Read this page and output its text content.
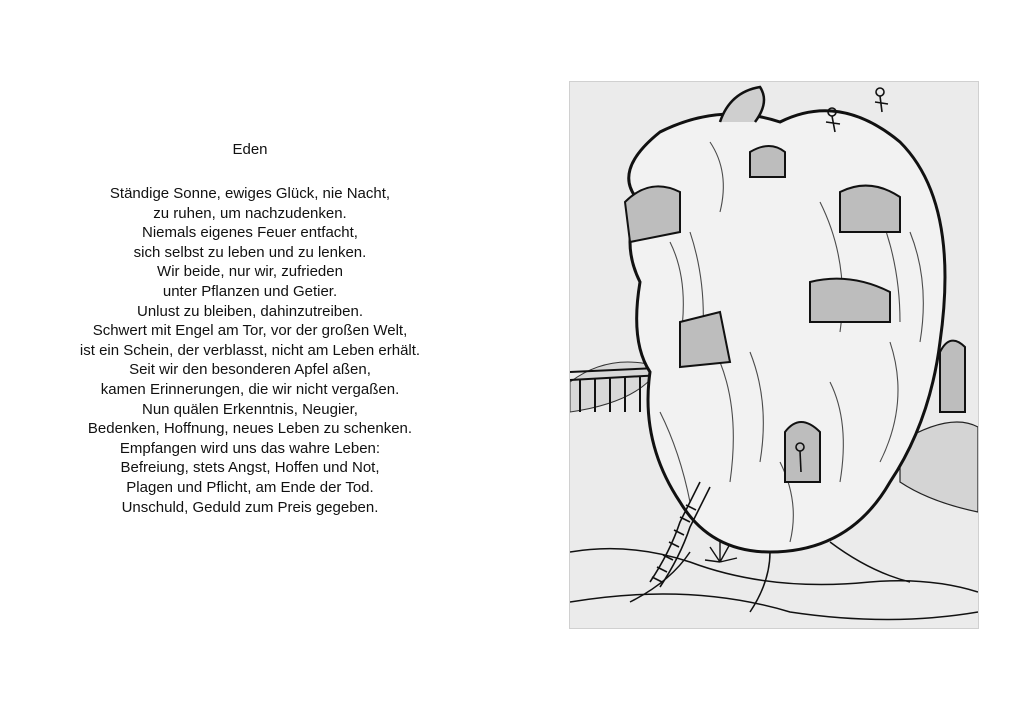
Eden
Ständige Sonne, ewiges Glück, nie Nacht,
zu ruhen, um nachzudenken.
Niemals eigenes Feuer entfacht,
sich selbst zu leben und zu lenken.
Wir beide, nur wir, zufrieden
unter Pflanzen und Getier.
Unlust zu bleiben, dahinzutreiben.
Schwert mit Engel am Tor, vor der großen Welt,
ist ein Schein, der verblasst, nicht am Leben erhält.
Seit wir den besonderen Apfel aßen,
kamen Erinnerungen, die wir nicht vergaßen.
Nun quälen Erkenntnis, Neugier,
Bedenken, Hoffnung, neues Leben zu schenken.
Empfangen wird uns das wahre Leben:
Befreiung, stets Angst, Hoffen und Not,
Plagen und Pflicht, am Ende der Tod.
Unschuld, Geduld zum Preis gegeben.
